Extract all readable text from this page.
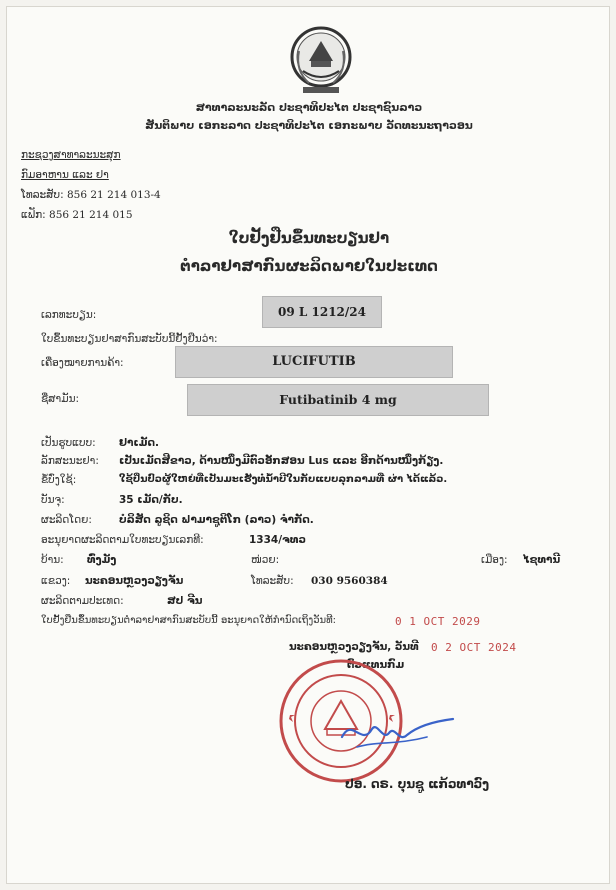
ສາທາລະນະລັດ ປະຊາທິປະໄຕ ປະຊາຊົນລາວ
ສັນຕິພາບ ເອກະລາດ ປະຊາທິປະໄຕ ເອກະພາບ ວັດທະນະຖາວອນ
ກະຊວງສາທາລະນະສຸກ
ກົມອາຫານ ແລະ ຢາ
ໂທລະສັບ: 856 21 214 013-4
ແຟັກ: 856 21 214 015
ໃບຢັ້ງຢືນຂຶ້ນທະບຽນຢາ
ຕຳລາຢາສາກົນຜະລິດພາຍໃນປະເທດ
ເລກທະບຽນ:	09 L 1212/24
ໃບຂຶ້ນທະບຽນຢາສາກົນສະບັບນີ້ຢັ້ງຢືນວ່າ:
ເຄື່ອງໝາຍການຄ້າ:	LUCIFUTIB
ຊື່ສາມັນ:	Futibatinib 4 mg
ເປັນຮູບແບບ: ຢາເມັດ.
ລັກສະນະຢາ: ເປັນເມັດສີຂາວ, ດ້ານໜຶ່ງມີຕົວອັກສອນ Lus ແລະ ອີກດ້ານໜຶ່ງກ້ຽງ.
ຂໍ້ບົ່ງໃຊ້:	ໃຊ້ປິ່ນປົວຜູ້ໃຫຍ່ທີ່ເປັນມະເຮັງທໍ່ນ້ຳບີໃນກັບແບບລຸກລາມທີ່ ຜ່າ ໄດ້ແລ້ວ.
ບັນຈຸ:	35 ເມັດ/ກັບ.
ຜະລິດໂດຍ:	ບໍລິສັດ ລູຊິດ ຟາມາຊູຕິໂກ (ລາວ) ຈຳກັດ.
ອະນຸຍາດຜະລິດຕາມໃບທະບຽນເລກທີ:	1334/ຈທວ
ບ້ານ: ທົ່ງມັງ	ໜ່ວຍ:	ເມືອງ: ໄຊທານີ
ແຂວງ: ນະຄອນຫຼວງວຽງຈັນ	ໂທລະສັບ: 030 9560384
ຜະລິດຕາມປະເທດ:	ສປ ຈີນ
ໃບຢັ້ງຢືນຂຶ້ນທະບຽນຕຳລາຢາສາກົນສະບັບນີ້ ອະນຸຍາດໃຫ້ກຳນົດເຖິງວັນທີ:	0 1 OCT 2029
ນະຄອນຫຼວງວຽງຈັນ, ວັນທີ 0 2 OCT 2024
ຕົວແທນກົມ
ປອ. ດຣ. ບຸນຊູ ແກ້ວທາວົງ
